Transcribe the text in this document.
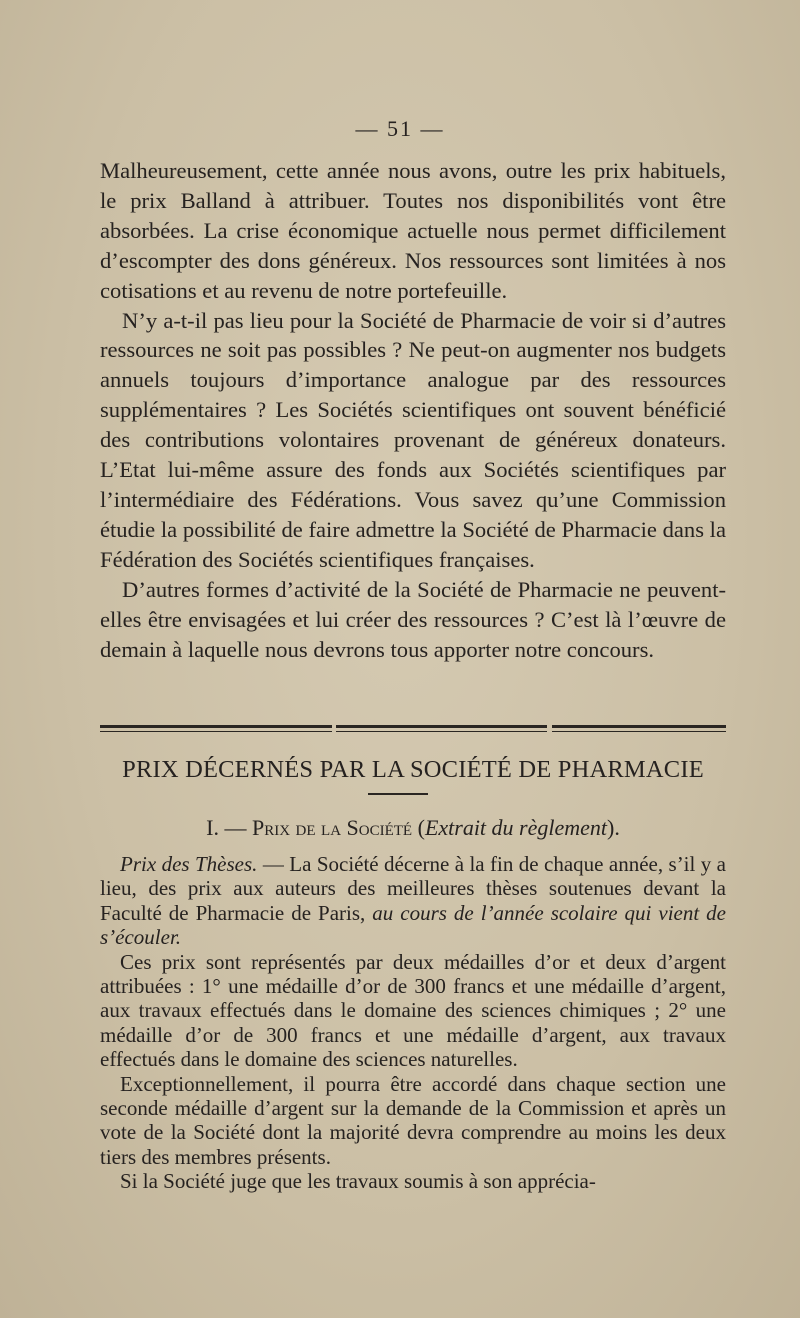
— 51 —

Malheureusement, cette année nous avons, outre les prix habituels, le prix Balland à attribuer. Toutes nos disponibilités vont être absorbées. La crise économique actuelle nous permet difficilement d’escompter des dons généreux. Nos ressources sont limitées à nos cotisations et au revenu de notre portefeuille.

N’y a-t-il pas lieu pour la Société de Pharmacie de voir si d’autres ressources ne soit pas possibles ? Ne peut-on augmenter nos budgets annuels toujours d’importance analogue par des ressources supplémentaires ? Les Sociétés scientifiques ont souvent bénéficié des contributions volontaires provenant de généreux donateurs. L’Etat lui-même assure des fonds aux Sociétés scientifiques par l’intermédiaire des Fédérations. Vous savez qu’une Commission étudie la possibilité de faire admettre la Société de Pharmacie dans la Fédération des Sociétés scientifiques françaises.

D’autres formes d’activité de la Société de Pharmacie ne peuvent-elles être envisagées et lui créer des ressources ? C’est là l’œuvre de demain à laquelle nous devrons tous apporter notre concours.

PRIX DÉCERNÉS PAR LA SOCIÉTÉ DE PHARMACIE
I. — Prix de la Société (Extrait du règlement).

Prix des Thèses. — La Société décerne à la fin de chaque année, s’il y a lieu, des prix aux auteurs des meilleures thèses soutenues devant la Faculté de Pharmacie de Paris, au cours de l’année scolaire qui vient de s’écouler.

Ces prix sont représentés par deux médailles d’or et deux d’argent attribuées : 1° une médaille d’or de 300 francs et une médaille d’argent, aux travaux effectués dans le domaine des sciences chimiques ; 2° une médaille d’or de 300 francs et une médaille d’argent, aux travaux effectués dans le domaine des sciences naturelles.

Exceptionnellement, il pourra être accordé dans chaque section une seconde médaille d’argent sur la demande de la Commission et après un vote de la Société dont la majorité devra comprendre au moins les deux tiers des membres présents.

Si la Société juge que les travaux soumis à son apprécia-
